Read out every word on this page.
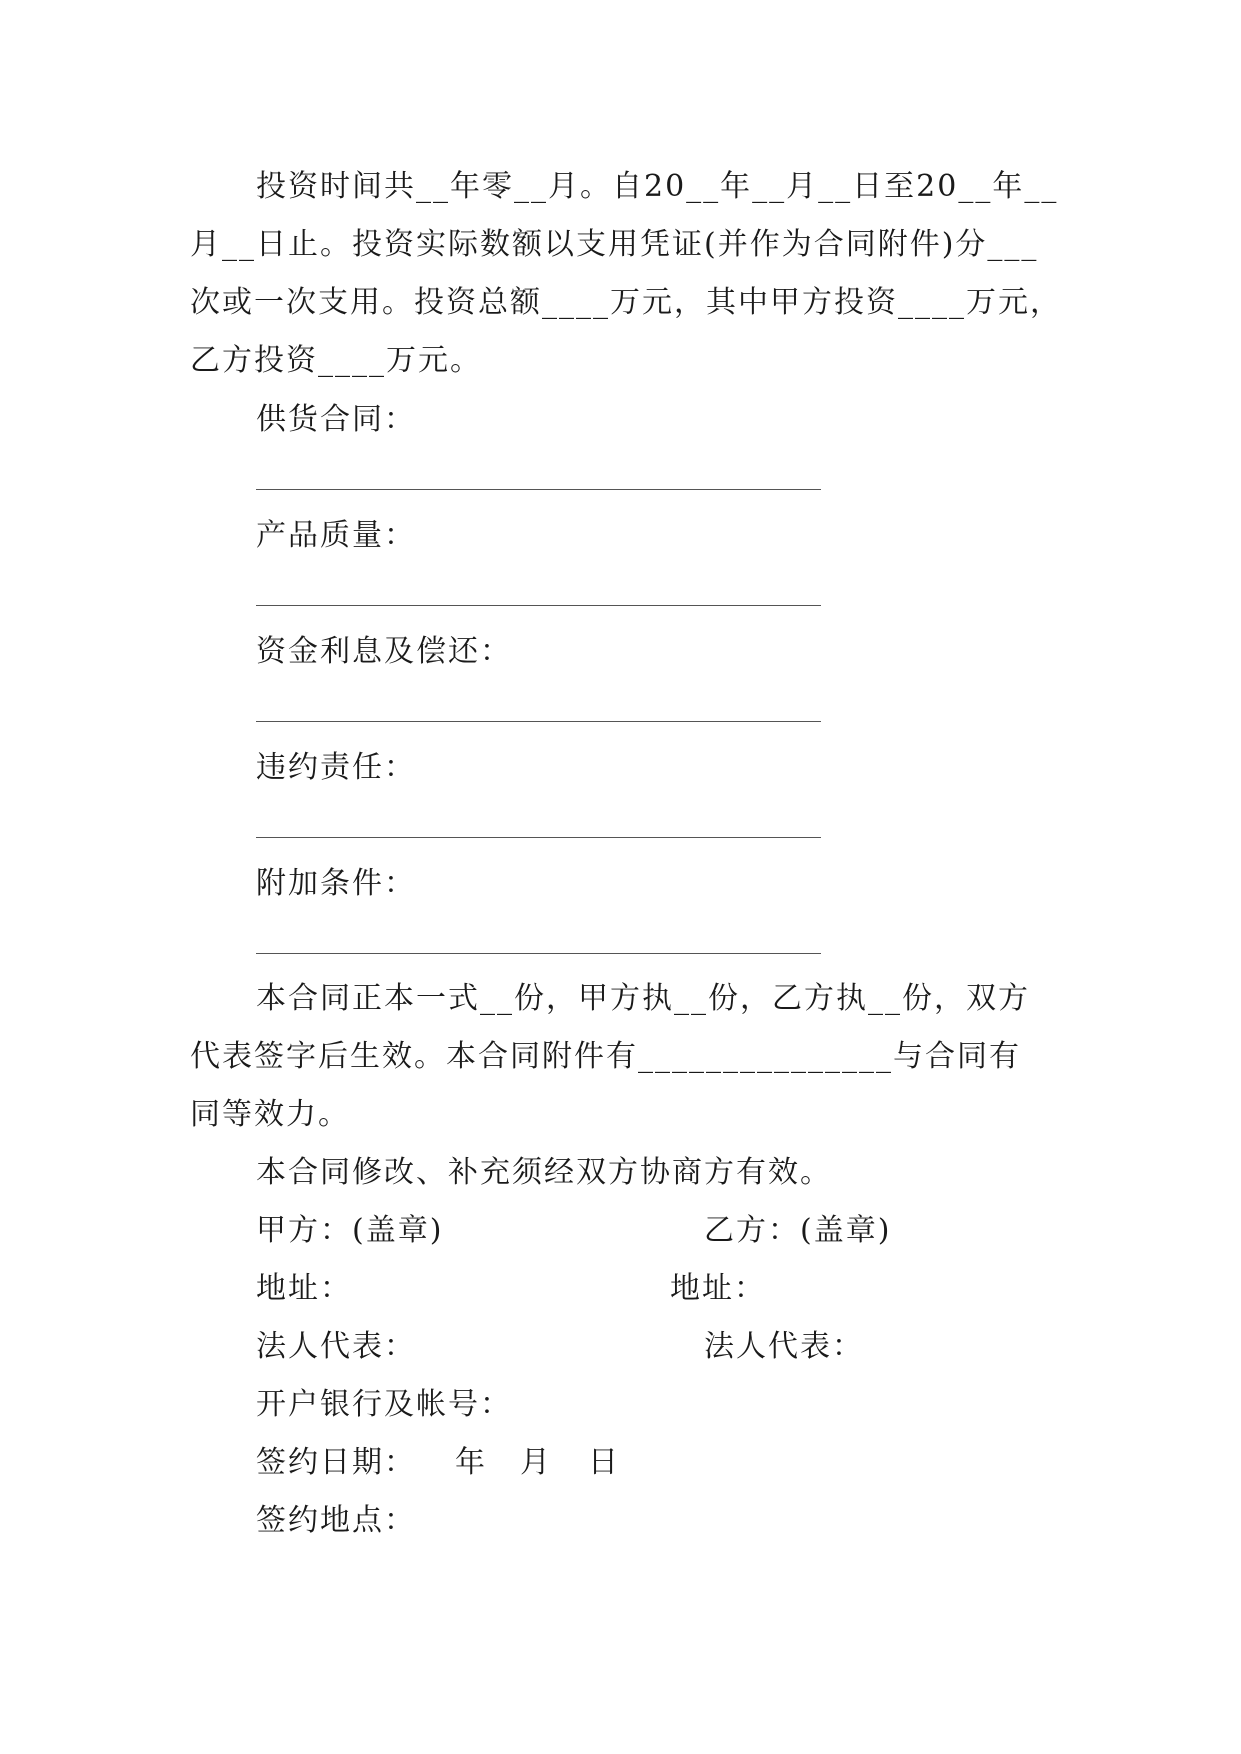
投资时间共__年零__月。自20__年__月__日至20__年__
月__日止。投资实际数额以支用凭证(并作为合同附件)分___
次或一次支用。投资总额____万元，其中甲方投资____万元，
乙方投资____万元。
供货合同：
产品质量：
资金利息及偿还：
违约责任：
附加条件：
本合同正本一式__份，甲方执__份，乙方执__份，双方
代表签字后生效。本合同附件有_______________与合同有
同等效力。
本合同修改、补充须经双方协商方有效。
甲方：(盖章)	乙方：(盖章)
地址：	地址：
法人代表：	法人代表：
开户银行及帐号：
签约日期： 年 月 日
签约地点：
